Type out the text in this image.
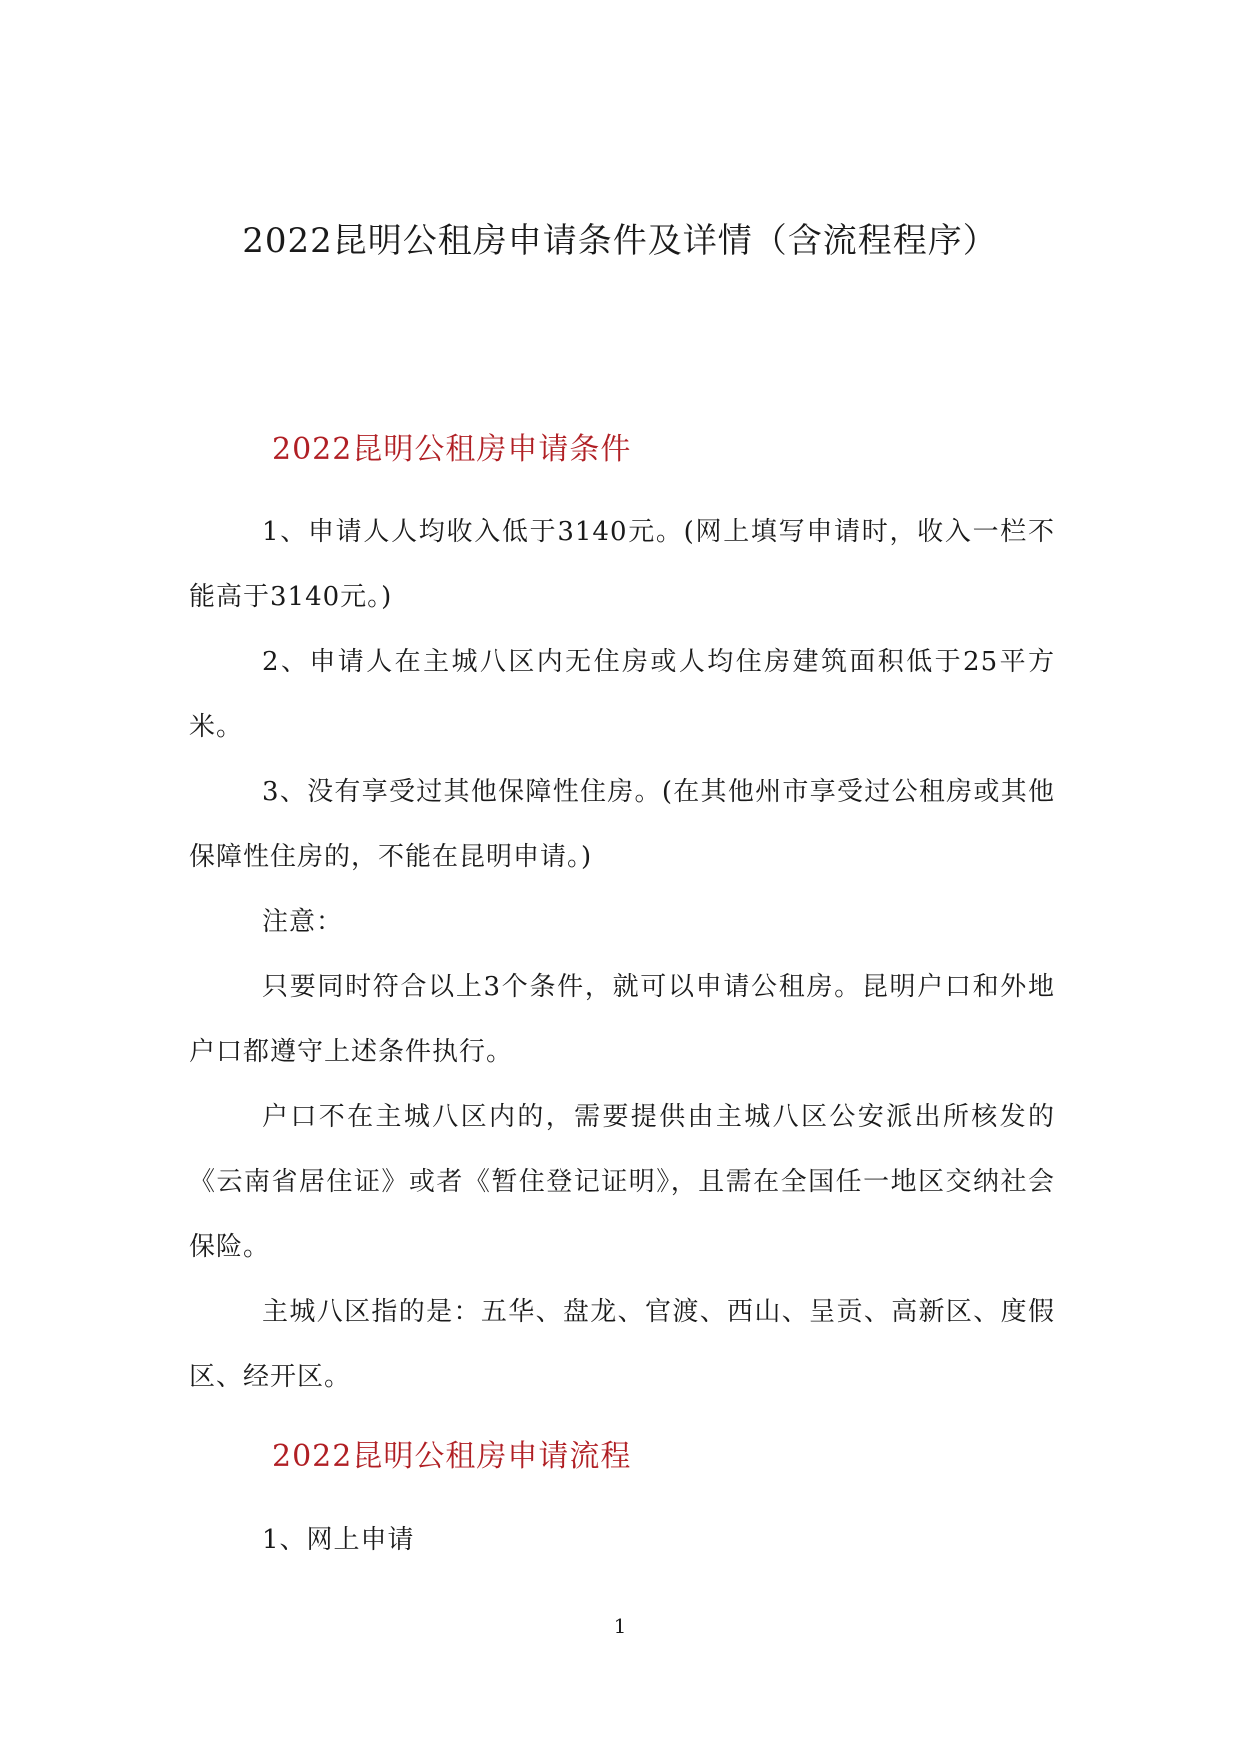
2022昆明公租房申请条件及详情（含流程程序）
2022昆明公租房申请条件

1、申请人人均收入低于3140元。(网上填写申请时，收入一栏不能高于3140元。)

2、申请人在主城八区内无住房或人均住房建筑面积低于25平方米。

3、没有享受过其他保障性住房。(在其他州市享受过公租房或其他保障性住房的，不能在昆明申请。)

注意：

只要同时符合以上3个条件，就可以申请公租房。昆明户口和外地户口都遵守上述条件执行。

户口不在主城八区内的，需要提供由主城八区公安派出所核发的《云南省居住证》或者《暂住登记证明》，且需在全国任一地区交纳社会保险。

主城八区指的是：五华、盘龙、官渡、西山、呈贡、高新区、度假区、经开区。

2022昆明公租房申请流程

1、网上申请

1
